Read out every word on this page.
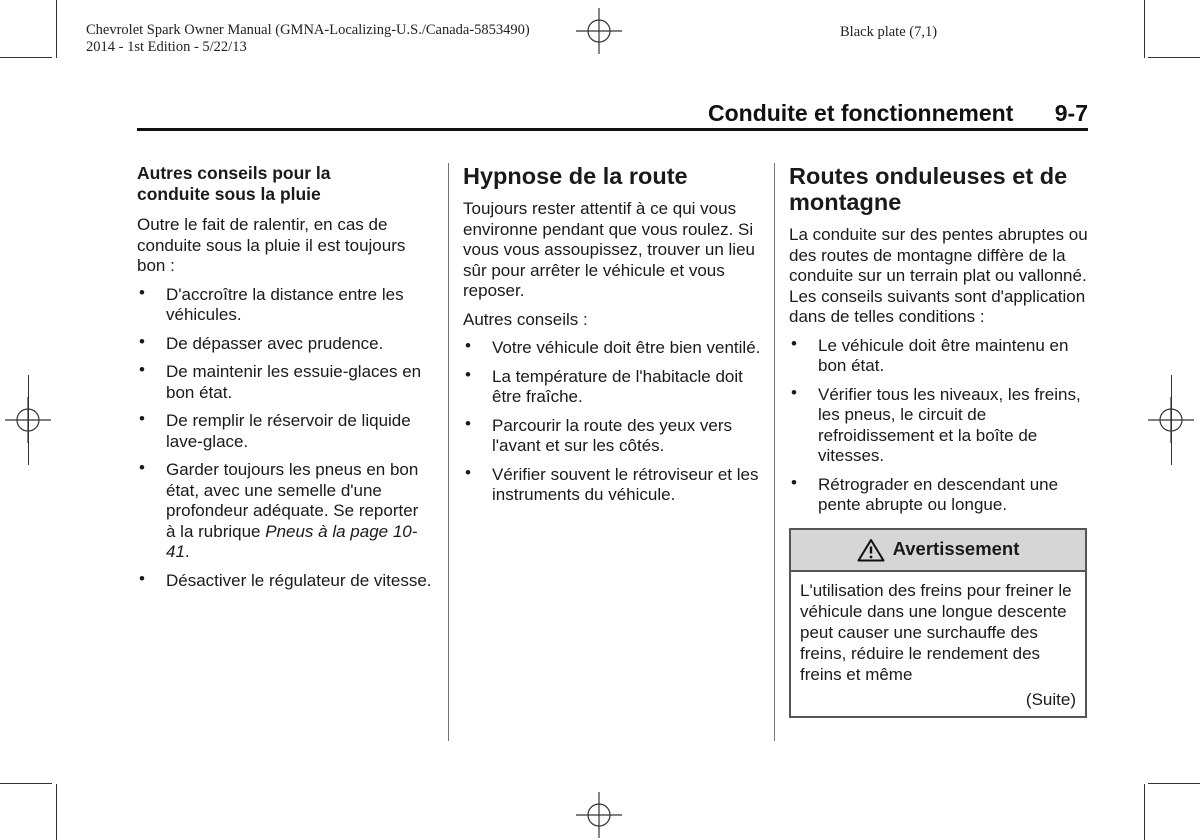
Chevrolet Spark Owner Manual (GMNA-Localizing-U.S./Canada-5853490)
2014 - 1st Edition - 5/22/13
Black plate (7,1)
Conduite et fonctionnement 9-7
Autres conseils pour la
conduite sous la pluie

Outre le fait de ralentir, en cas de conduite sous la pluie il est toujours bon :

• D'accroître la distance entre les véhicules.
• De dépasser avec prudence.
• De maintenir les essuie-glaces en bon état.
• De remplir le réservoir de liquide lave-glace.
• Garder toujours les pneus en bon état, avec une semelle d'une profondeur adéquate. Se reporter à la rubrique Pneus à la page 10-41.
• Désactiver le régulateur de vitesse.
Hypnose de la route

Toujours rester attentif à ce qui vous environne pendant que vous roulez. Si vous vous assoupissez, trouver un lieu sûr pour arrêter le véhicule et vous reposer.

Autres conseils :

• Votre véhicule doit être bien ventilé.
• La température de l'habitacle doit être fraîche.
• Parcourir la route des yeux vers l'avant et sur les côtés.
• Vérifier souvent le rétroviseur et les instruments du véhicule.
Routes onduleuses et de
montagne

La conduite sur des pentes abruptes ou des routes de montagne diffère de la conduite sur un terrain plat ou vallonné. Les conseils suivants sont d'application dans de telles conditions :

• Le véhicule doit être maintenu en bon état.
• Vérifier tous les niveaux, les freins, les pneus, le circuit de refroidissement et la boîte de vitesses.
• Rétrograder en descendant une pente abrupte ou longue.
Avertissement
L'utilisation des freins pour freiner le véhicule dans une longue descente peut causer une surchauffe des freins, réduire le rendement des freins et même
(Suite)
